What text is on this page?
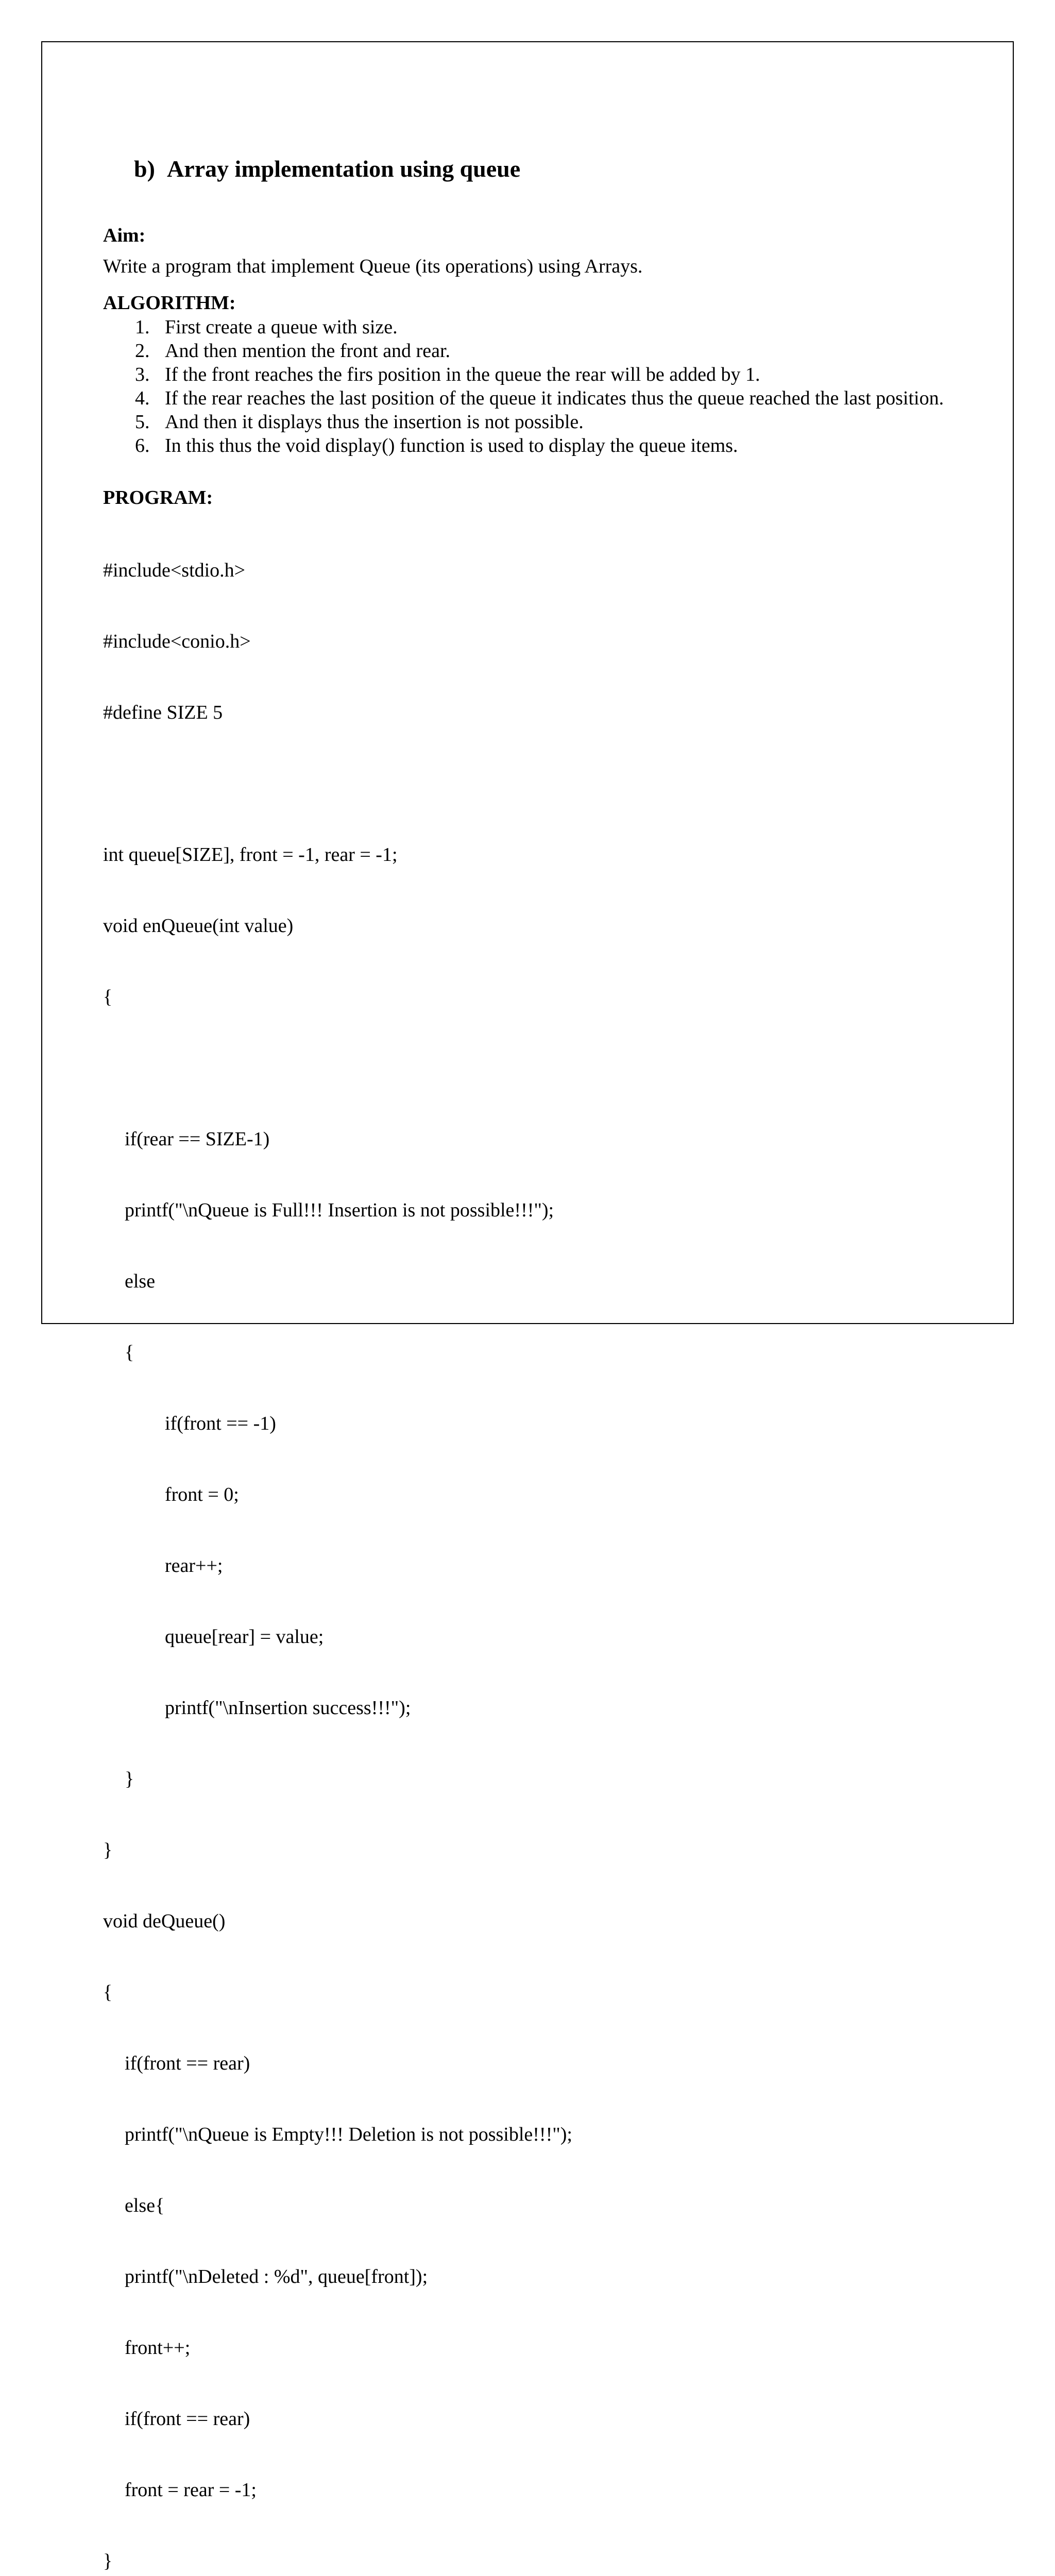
b) Array implementation using queue
Aim:
Write a program that implement Queue (its operations) using Arrays.
ALGORITHM:
1. First create a queue with size.
2. And then mention the front and rear.
3. If the front reaches the firs position in the queue the rear will be added by 1.
4. If the rear reaches the last position of the queue it indicates thus the queue reached the last position.
5. And then it displays thus the insertion is not possible.
6. In this thus the void display() function is used to display the queue items.
PROGRAM:

#include<stdio.h>

#include<conio.h>

#define SIZE 5

int queue[SIZE], front = -1, rear = -1;

void enQueue(int value)

{

if(rear == SIZE-1)

printf("\nQueue is Full!!! Insertion is not possible!!!");

else

{

if(front == -1)

front = 0;

rear++;

queue[rear] = value;

printf("\nInsertion success!!!");

}

}

void deQueue()

{

if(front == rear)

printf("\nQueue is Empty!!! Deletion is not possible!!!");

else{

printf("\nDeleted : %d", queue[front]);

front++;

if(front == rear)

front = rear = -1;

}
